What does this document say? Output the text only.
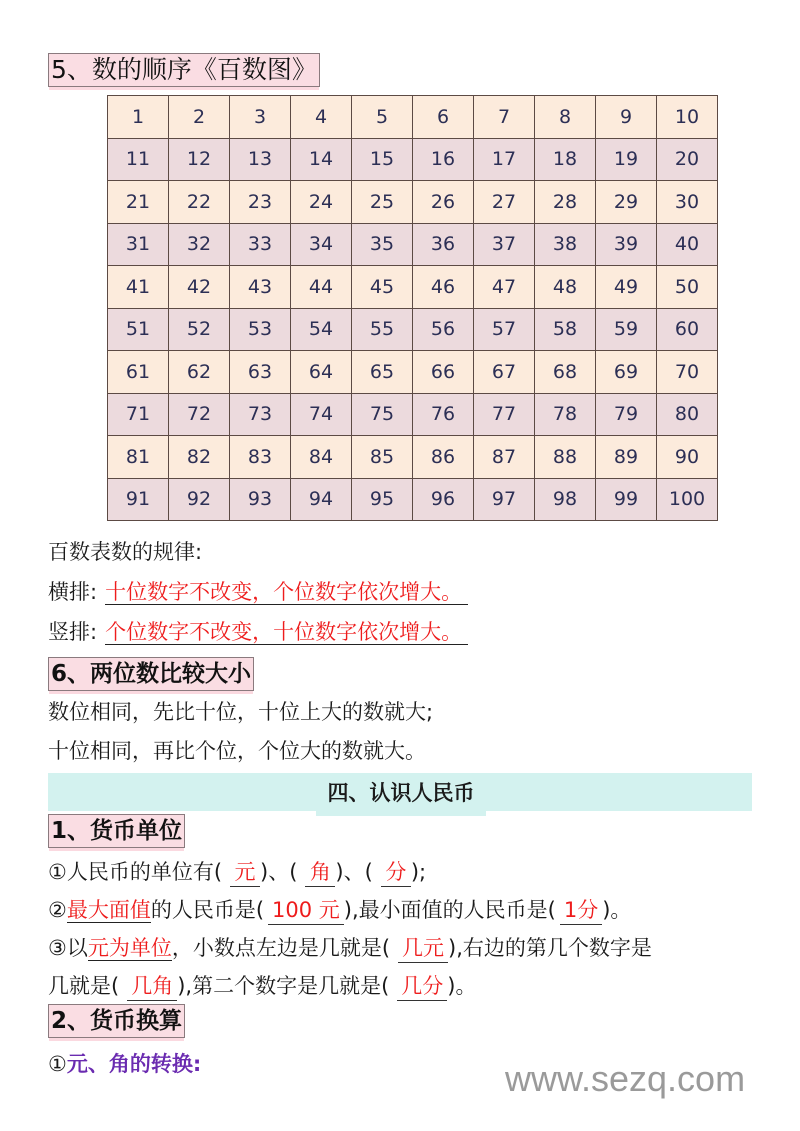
5、数的顺序《百数图》
1	2	3	4	5	6	7	8	9	10
11	12	13	14	15	16	17	18	19	20
21	22	23	24	25	26	27	28	29	30
31	32	33	34	35	36	37	38	39	40
41	42	43	44	45	46	47	48	49	50
51	52	53	54	55	56	57	58	59	60
61	62	63	64	65	66	67	68	69	70
71	72	73	74	75	76	77	78	79	80
81	82	83	84	85	86	87	88	89	90
91	92	93	94	95	96	97	98	99	100
百数表数的规律:
横排: 十位数字不改变，个位数字依次增大。
竖排: 个位数字不改变，十位数字依次增大。
6、两位数比较大小
数位相同，先比十位，十位上大的数就大;
十位相同，再比个位，个位大的数就大。
四、认识人民币
1、货币单位
①人民币的单位有( 元 )、( 角 )、( 分 );
②最大面值的人民币是( 100 元 ),最小面值的人民币是( 1分 )。
③以元为单位，小数点左边是几就是( 几元 ),右边的第几个数字是
几就是( 几角 ),第二个数字是几就是( 几分 )。
2、货币换算
①元、角的转换:	www.sezq.com
